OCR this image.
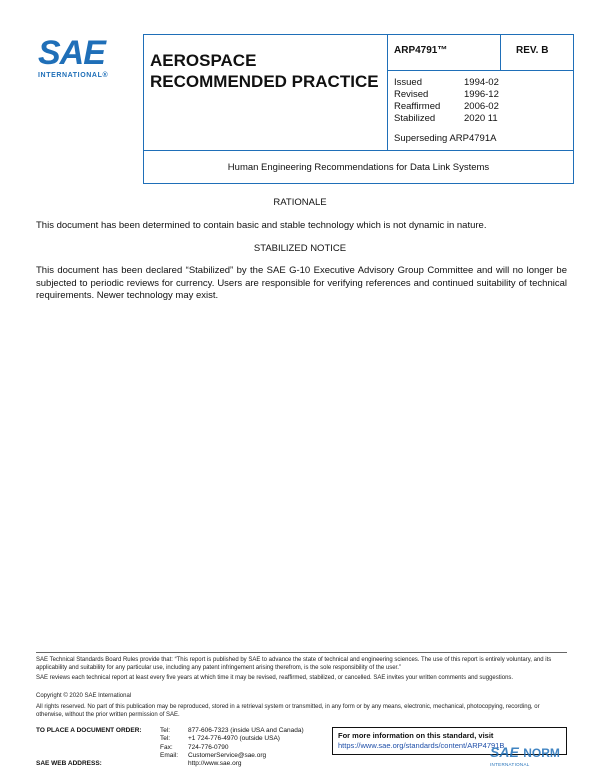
SAE
INTERNATIONAL®
AEROSPACE
RECOMMENDED PRACTICE
ARP4791™	REV. B
Issued	1994-02
Revised	1996-12
Reaffirmed	2006-02
Stabilized	2020 11
Superseding ARP4791A
Human Engineering Recommendations for Data Link Systems
RATIONALE
This document has been determined to contain basic and stable technology which is not dynamic in nature.
STABILIZED NOTICE
This document has been declared “Stabilized” by the SAE G-10 Executive Advisory Group Committee and will no longer be subjected to periodic reviews for currency. Users are responsible for verifying references and continued suitability of technical requirements. Newer technology may exist.
SAE Technical Standards Board Rules provide that: “This report is published by SAE to advance the state of technical and engineering sciences. The use of this report is entirely voluntary, and its applicability and suitability for any particular use, including any patent infringement arising therefrom, is the sole responsibility of the user.”
SAE reviews each technical report at least every five years at which time it may be revised, reaffirmed, stabilized, or cancelled. SAE invites your written comments and suggestions.
Copyright © 2020 SAE International
All rights reserved. No part of this publication may be reproduced, stored in a retrieval system or transmitted, in any form or by any means, electronic, mechanical, photocopying, recording, or otherwise, without the prior written permission of SAE.
TO PLACE A DOCUMENT ORDER:	Tel:	877-606-7323 (inside USA and Canada)
Tel:	+1 724-776-4970 (outside USA)
Fax:	724-776-0790
Email:	CustomerService@sae.org
http://www.sae.org
SAE WEB ADDRESS:
For more information on this standard, visit
https://www.sae.org/standards/content/ARP4791B
SAE NORM
INTERNATIONAL
